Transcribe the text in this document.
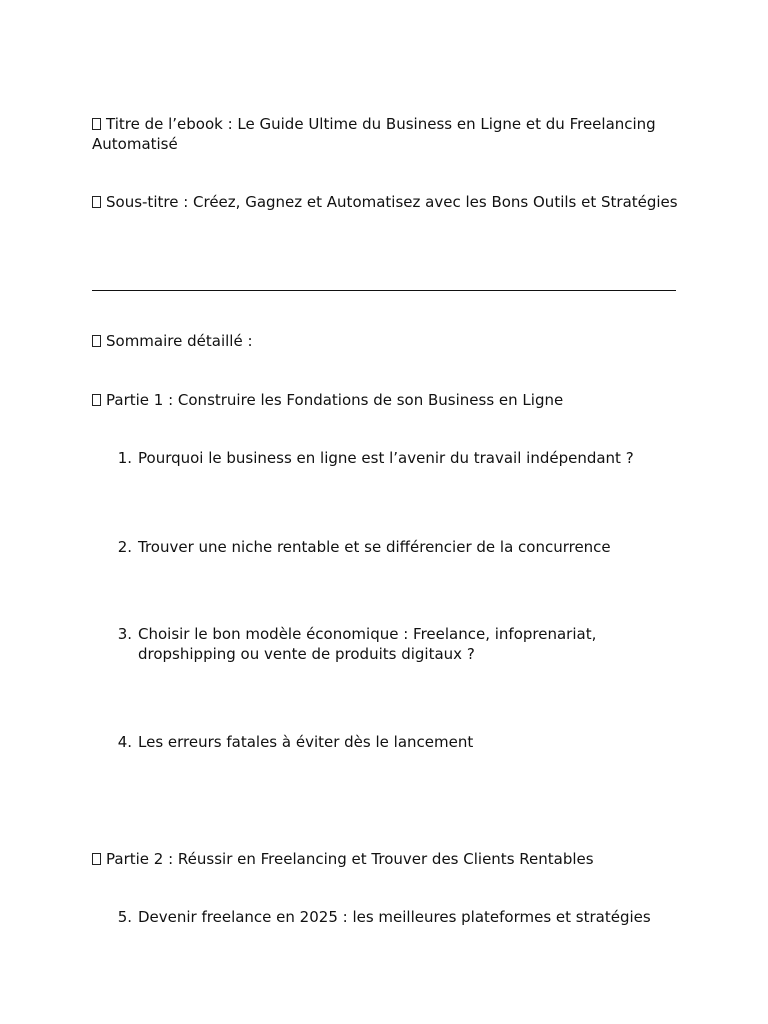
Titre de l’ebook : Le Guide Ultime du Business en Ligne et du Freelancing Automatisé
Sous-titre : Créez, Gagnez et Automatisez avec les Bons Outils et Stratégies
Sommaire détaillé :
Partie 1 : Construire les Fondations de son Business en Ligne
1. Pourquoi le business en ligne est l’avenir du travail indépendant ?
2. Trouver une niche rentable et se différencier de la concurrence
3. Choisir le bon modèle économique : Freelance, infoprenariat, dropshipping ou vente de produits digitaux ?
4. Les erreurs fatales à éviter dès le lancement
Partie 2 : Réussir en Freelancing et Trouver des Clients Rentables
5. Devenir freelance en 2025 : les meilleures plateformes et stratégies
